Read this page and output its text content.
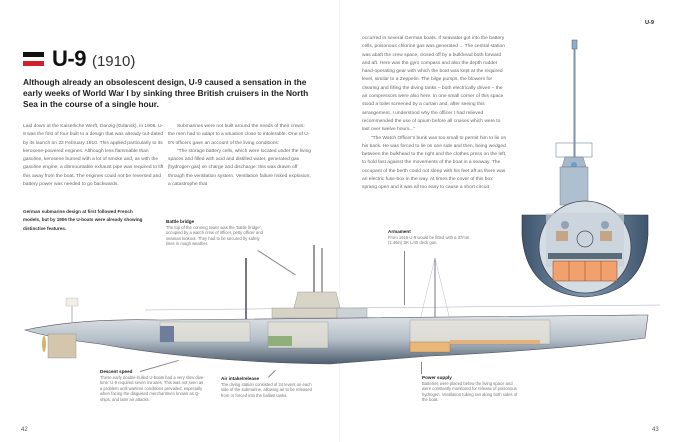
U-9
U-9 (1910)

Although already an obsolescent design, U-9 caused a sensation in the early weeks of World War I by sinking three British cruisers in the North Sea in the course of a single hour.

Laid down at the Kaiserliche Werft, Danzig (Gdansk), in 1908, U-9 was the first of four built to a design that was already out-dated by its launch on 22 February 1910. This applied particularly to its kerosene-powered engines. Although less flammable than gasoline, kerosene burned with a lot of smoke and, as with the gasoline engine, a dismountable exhaust pipe was required to lift this away from the boat. The engines could not be reversed and battery power was needed to go backwards.

Submarines were not built around the needs of their crews: the men had to adapt to a situation close to intolerable. One of U-9's officers gave an account of the living conditions:

“The storage battery cells, which were located under the living spaces and filled with acid and distilled water, generated gas [hydrogen gas] on charge and discharge: this was drawn off through the ventilation system. Ventilation failure risked explosion, a catastrophe that

occurred in several German boats. If seawater got into the battery cells, poisonous chlorine gas was generated ... The central station was abaft the crew space, closed off by a bulkhead both forward and aft. Here was the gyro compass and also the depth rudder hand-operating gear with which the boat was kept at the required level, similar to a Zeppelin. The bilge pumps, the blowers for clearing and filling the diving tanks – both electrically driven – the air compressors were also here. In one small corner of this space stood a toilet screened by a curtain and, after seeing this arrangement, I understood why the officer I had relieved recommended the use of opium before all cruises which were to last over twelve hours...”

“The Watch Officer's bunk was too small to permit him to lie on his back. He was forced to lie on one side and then, being wedged between the bulkhead to the right and the clothes press on the left, to hold fast against the movements of the boat in a seaway. The occupant of the berth could not sleep with his feet aft as there was an electric fuse-box in the way. At times the cover of this box sprang open and it was all too easy to cause a short circuit

German submarine design at first followed French models, but by 1906 the U-boats were already showing distinctive features.

Battle bridge
The top of the conning tower was the 'battle bridge', occupied by a watch crew of officer, petty officer and seaman lookout. They had to be secured by safety lines in rough weather.
Armament
From 1915 U-9 would be fitted with a 37mm (1.46in) SK L/40 deck gun.
Descent speed
These early double-hulled U-boats had a very slow dive-time: U-9 required seven minutes. This was not seen as a problem until wartime conditions prevailed, especially when facing the disguised merchantmen known as Q-ships, and later air attacks.
Air intake/release
The diving station consisted of 24 levers on each side of the submarine, allowing air to be released from or forced into the ballast tanks.
Power supply
Batteries were placed below the living space and were constantly monitored for release of poisonous hydrogen. Ventilation tubing ran along both sides of the boat.
42	43
